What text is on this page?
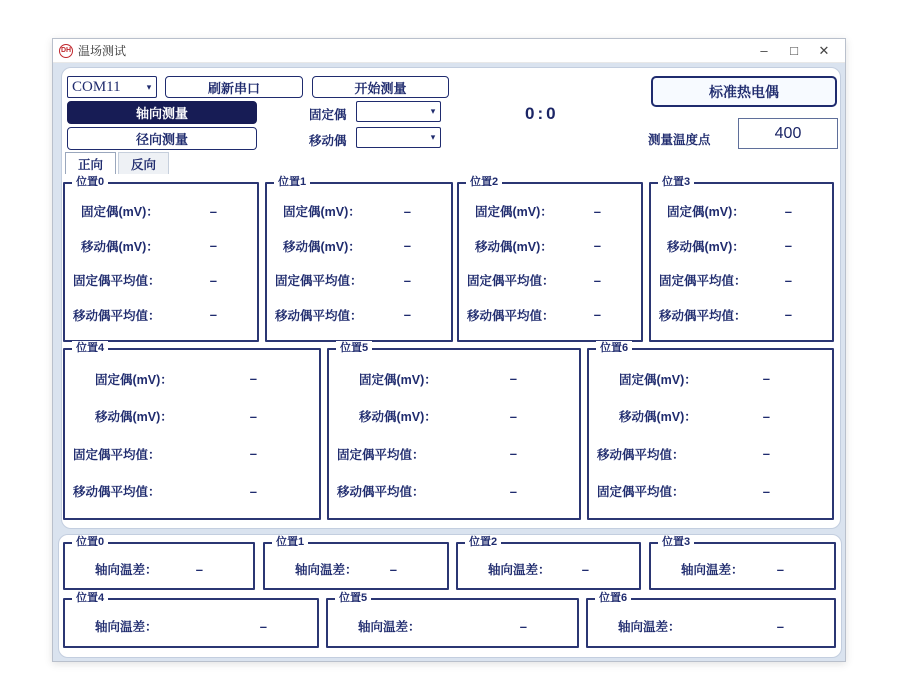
DH 温场测试	–	□	✕
COM11	▾	刷新串口	开始测量
轴向测量
径向测量
固定偶	▾
移动偶	▾
0:0
标准热电偶
测量温度点	400
正向	反向
位置0
固定偶(mV)：	–
移动偶(mV)：	–
固定偶平均值：	–
移动偶平均值：	–
位置1
固定偶(mV)：	–
移动偶(mV)：	–
固定偶平均值：	–
移动偶平均值：	–
位置2
固定偶(mV)：	–
移动偶(mV)：	–
固定偶平均值：	–
移动偶平均值：	–
位置3
固定偶(mV)：	–
移动偶(mV)：	–
固定偶平均值：	–
移动偶平均值：	–
位置4
固定偶(mV)：	–
移动偶(mV)：	–
固定偶平均值：	–
移动偶平均值：	–
位置5
固定偶(mV)：	–
移动偶(mV)：	–
固定偶平均值：	–
移动偶平均值：	–
位置6
固定偶(mV)：	–
移动偶(mV)：	–
移动偶平均值：	–
固定偶平均值：	–
位置0
轴向温差：	–
位置1
轴向温差： –
位置2
轴向温差： –
位置3
轴向温差：	–
位置4
轴向温差：	–
位置5
轴向温差：	–
位置6
轴向温差：	–
